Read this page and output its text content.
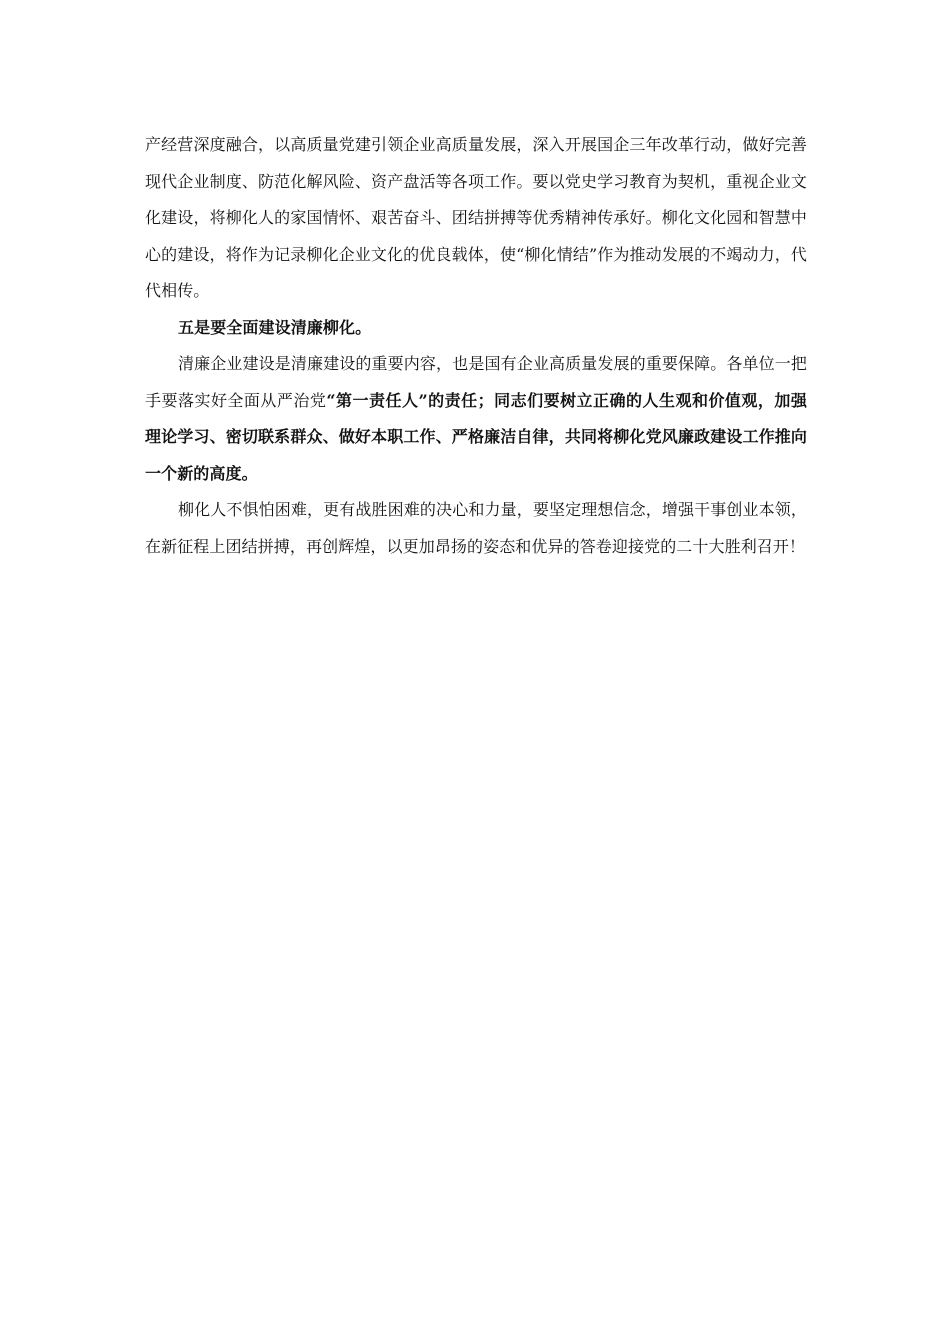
产经营深度融合，以高质量党建引领企业高质量发展，深入开展国企三年改革行动，做好完善现代企业制度、防范化解风险、资产盘活等各项工作。要以党史学习教育为契机，重视企业文化建设，将柳化人的家国情怀、艰苦奋斗、团结拼搏等优秀精神传承好。柳化文化园和智慧中心的建设，将作为记录柳化企业文化的优良载体，使“柳化情结”作为推动发展的不竭动力，代代相传。

五是要全面建设清廉柳化。

清廉企业建设是清廉建设的重要内容，也是国有企业高质量发展的重要保障。各单位一把手要落实好全面从严治党“第一责任人”的责任；同志们要树立正确的人生观和价值观，加强理论学习、密切联系群众、做好本职工作、严格廉洁自律，共同将柳化党风廉政建设工作推向一个新的高度。

柳化人不惧怕困难，更有战胜困难的决心和力量，要坚定理想信念，增强干事创业本领，在新征程上团结拼搏，再创辉煌，以更加昂扬的姿态和优异的答卷迎接党的二十大胜利召开！
